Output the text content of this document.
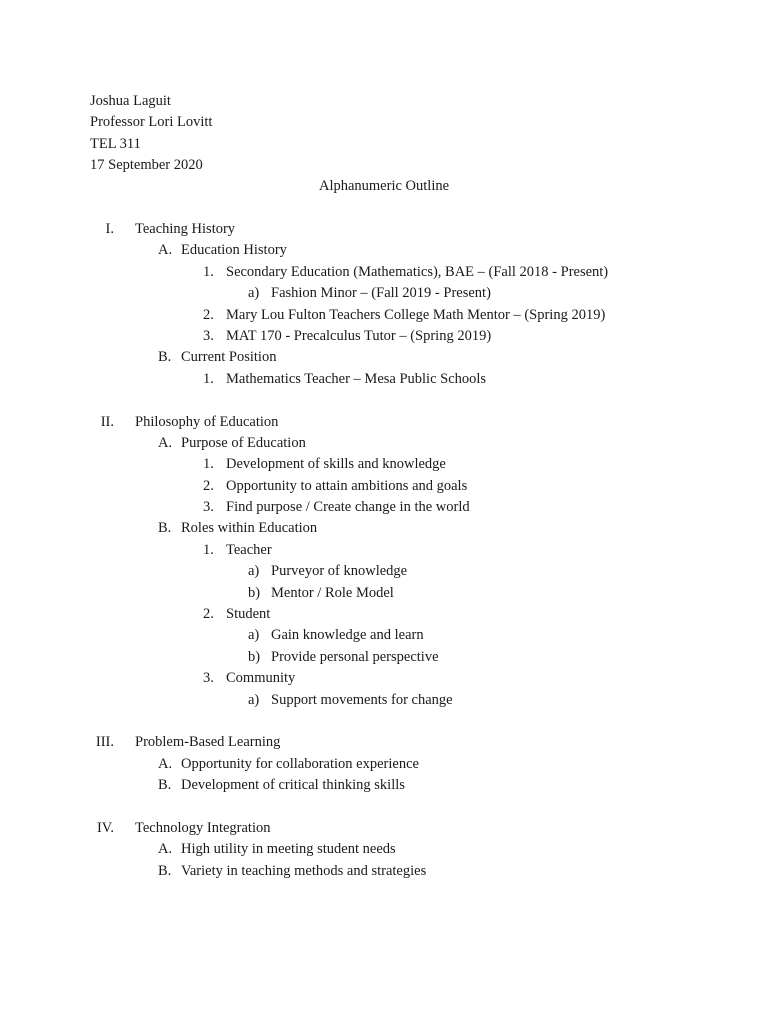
Joshua Laguit
Professor Lori Lovitt
TEL 311
17 September 2020
Alphanumeric Outline
I. Teaching History
A. Education History
1. Secondary Education (Mathematics), BAE – (Fall 2018 - Present)
a) Fashion Minor – (Fall 2019 - Present)
2. Mary Lou Fulton Teachers College Math Mentor – (Spring 2019)
3. MAT 170 - Precalculus Tutor – (Spring 2019)
B. Current Position
1. Mathematics Teacher – Mesa Public Schools
II. Philosophy of Education
A. Purpose of Education
1. Development of skills and knowledge
2. Opportunity to attain ambitions and goals
3. Find purpose / Create change in the world
B. Roles within Education
1. Teacher
a) Purveyor of knowledge
b) Mentor / Role Model
2. Student
a) Gain knowledge and learn
b) Provide personal perspective
3. Community
a) Support movements for change
III. Problem-Based Learning
A. Opportunity for collaboration experience
B. Development of critical thinking skills
IV. Technology Integration
A. High utility in meeting student needs
B. Variety in teaching methods and strategies
